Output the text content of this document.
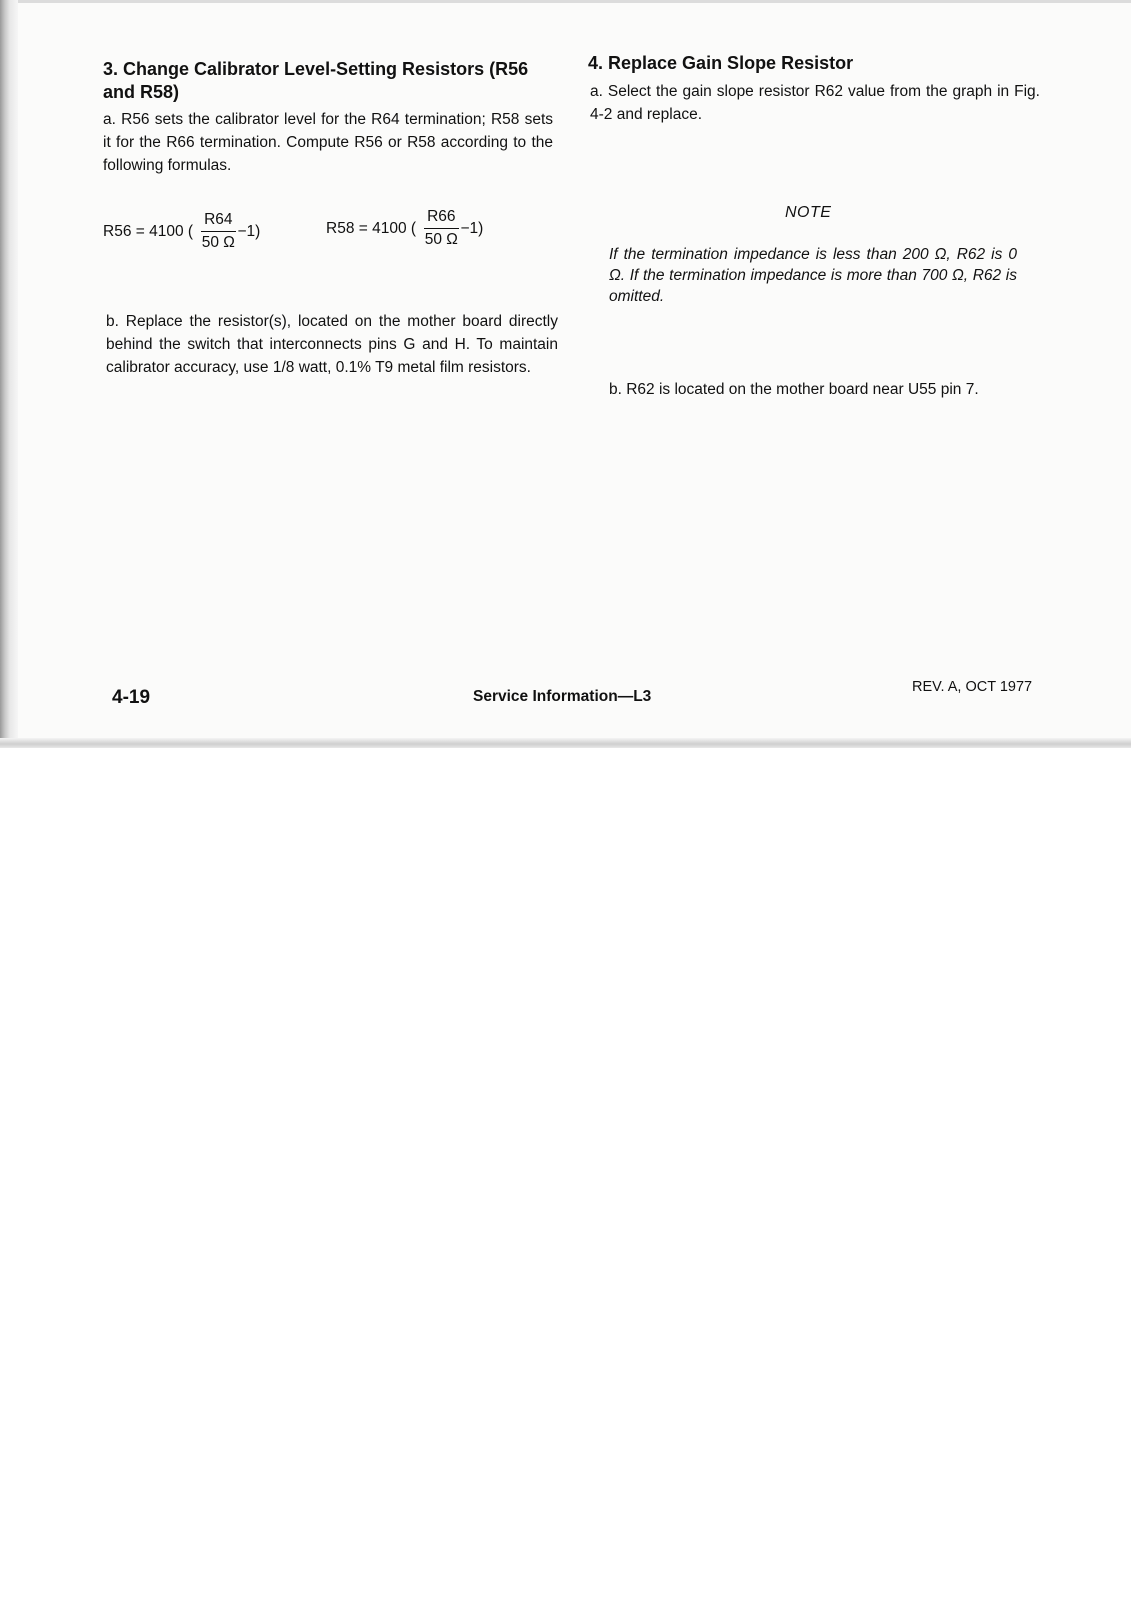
3. Change Calibrator Level-Setting Resistors (R56 and R58)

a. R56 sets the calibrator level for the R64 termination; R58 sets it for the R66 termination. Compute R56 or R58 according to the following formulas.

R56 = 4100 ( $\frac{R64}{50 \Omega} -1$)	R58 = 4100 ( $\frac{R66}{50 \Omega} -1$)

b. Replace the resistor(s), located on the mother board directly behind the switch that interconnects pins G and H. To maintain calibrator accuracy, use 1/8 watt, 0.1% T9 metal film resistors.

4. Replace Gain Slope Resistor

a. Select the gain slope resistor R62 value from the graph in Fig. 4-2 and replace.

NOTE

If the termination impedance is less than 200 Ω, R62 is 0 Ω. If the termination impedance is more than 700 Ω, R62 is omitted.

b. R62 is located on the mother board near U55 pin 7.

4-19	Service Information—L3
REV. A, OCT 1977
